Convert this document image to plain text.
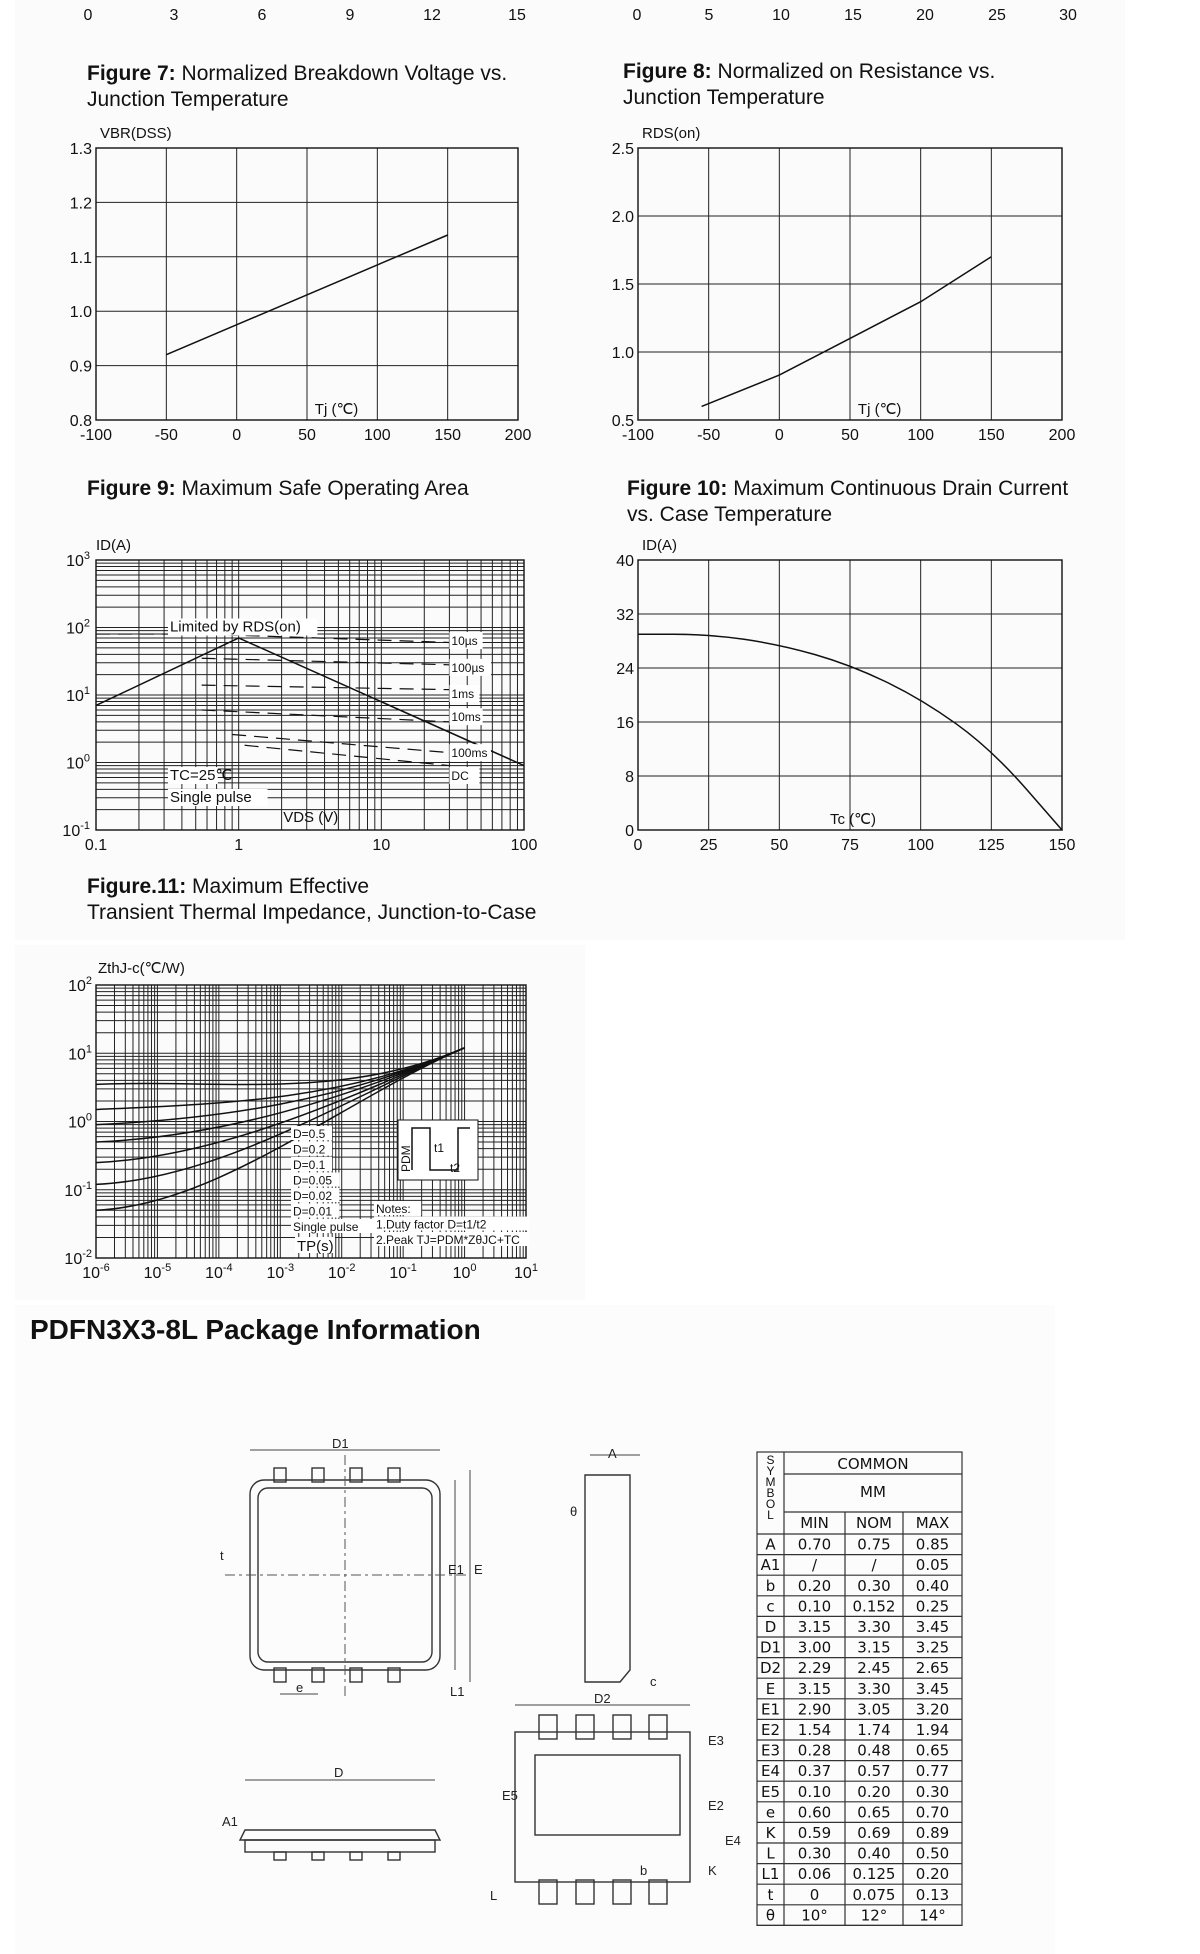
0	3	6	9	12	15	0	5	10	15	20	25	30
Figure 7: Normalized Breakdown Voltage vs.
Junction Temperature
-100	-50	0	50	100	150	200
0.8
0.9
1.0
1.1
1.2
1.3
VBR(DSS)
Tj (℃)
Figure 8: Normalized on Resistance vs.
Junction Temperature
-100	-50	0	50	100	150	200
0.5
1.0
1.5
2.0
2.5
RDS(on)
Tj (℃)
Figure 9: Maximum Safe Operating Area
0.1	1	10	100
$10^{-1}$
$10^0$
$10^1$
$10^2$
$10^3$
ID(A)
VDS (V)
Limited by RDS(on)
10µs
100µs
1ms
10ms
100ms
DC
TC=25℃
Single pulse
Figure 10: Maximum Continuous Drain Current
vs. Case Temperature
0	25	50	75	100	125	150
0
8
16
24
32
40
ID(A)
Tc (℃)
Figure.11: Maximum Effective
Transient Thermal Impedance, Junction-to-Case
$10^{-6}$ $10^{-5}$ $10^{-4}$ $10^{-3}$ $10^{-2}$ $10^{-1}$ $10^0$ $10^1$
$10^{-2}$
$10^{-1}$
$10^0$
$10^1$
$10^2$
ZthJ-c(℃/W)
D=0.5
D=0.2
D=0.1
D=0.05
D=0.02
D=0.01
Single pulse
Notes:
1.Duty factor D=t1/t2
2.Peak TJ=PDM*ZθJC+TC
PDM t1
t2
TP(s)
PDFN3X3-8L Package Information
D1
E1 E
t
e	L1
A
θ
c
D2
E3
E5
E2
E4
K
b
L
D
A1
COMMON
MM
S Y M B O L MIN NOM MAX
A 0.70 0.75 0.85
A1 /	/	0.05
b 0.20 0.30 0.40
c 0.10 0.152 0.25
D 3.15 3.30 3.45
D1 3.00 3.15 3.25
D2 2.29 2.45 2.65
E 3.15 3.30 3.45
E1 2.90 3.05 3.20
E2 1.54 1.74 1.94
E3 0.28 0.48 0.65
E4 0.37 0.57 0.77
E5 0.10 0.20 0.30
e 0.60 0.65 0.70
K 0.59 0.69 0.89
L 0.30 0.40 0.50
L1 0.06 0.125 0.20
t 0 0.075 0.13
θ 10° 12° 14°
